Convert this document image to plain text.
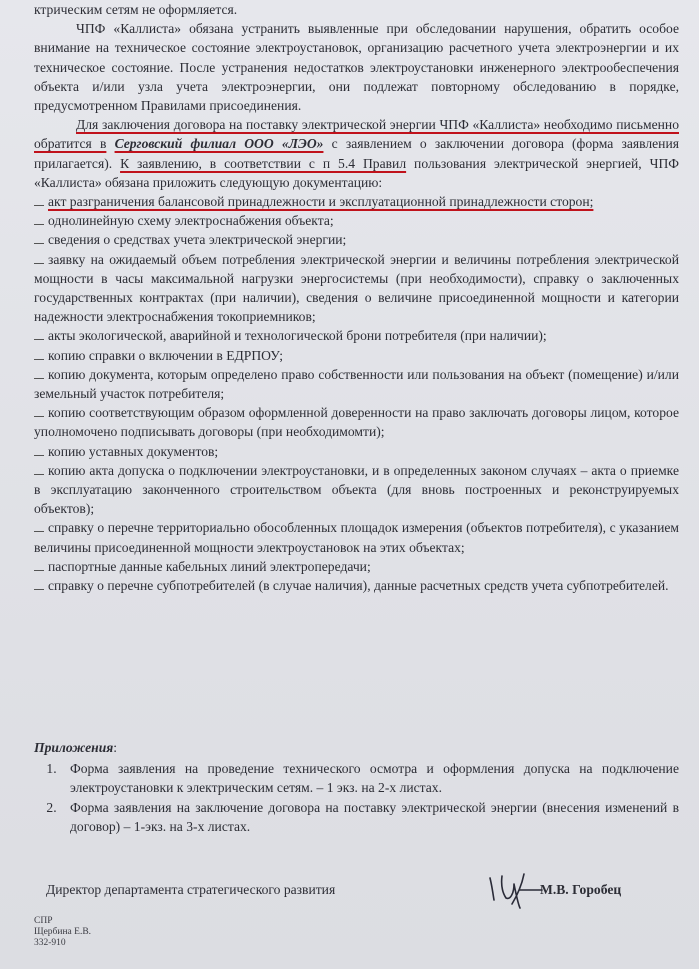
ктрическим сетям не оформляется.

ЧПФ «Каллиста» обязана устранить выявленные при обследовании нарушения, обратить особое внимание на техническое состояние электроустановок, организацию расчетного учета электроэнергии и их техническое состояние. После устранения недостатков электроустановки инженерного электрообеспечения объекта и/или узла учета электроэнергии, они подлежат повторному обследованию в порядке, предусмотренном Правилами присоединения.

Для заключения договора на поставку электрической энергии ЧПФ «Каллиста» необходимо письменно обратится в Серговский филиал ООО «ЛЭО» с заявлением о заключении договора (форма заявления прилагается). К заявлению, в соответствии с п 5.4 Правил пользования электрической энергией, ЧПФ «Каллиста» обязана приложить следующую документацию:

акт разграничения балансовой принадлежности и эксплуатационной принадлежности сторон;
однолинейную схему электроснабжения объекта;
сведения о средствах учета электрической энергии;
заявку на ожидаемый объем потребления электрической энергии и величины потребления электрической мощности в часы максимальной нагрузки энергосистемы (при необходимости), справку о заключенных государственных контрактах (при наличии), сведения о величине присоединенной мощности и категории надежности электроснабжения токоприемников;
акты экологической, аварийной и технологической брони потребителя (при наличии);
копию справки о включении в ЕДРПОУ;
копию документа, которым определено право собственности или пользования на объект (помещение) и/или земельный участок потребителя;
копию соответствующим образом оформленной доверенности на право заключать договоры лицом, которое уполномочено подписывать договоры (при необходимомти);
копию уставных документов;
копию акта допуска о подключении электроустановки, и в определенных законом случаях – акта о приемке в эксплуатацию законченного строительством объекта (для вновь построенных и реконструируемых объектов);
справку о перечне территориально обособленных площадок измерения (объектов потребителя), с указанием величины присоединенной мощности электроустановок на этих объектах;
паспортные данные кабельных линий электропередачи;
справку о перечне субпотребителей (в случае наличия), данные расчетных средств учета субпотребителей.

Приложения:

1. Форма заявления на проведение технического осмотра и оформления допуска на подключение электроустановки к электрическим сетям. – 1 экз. на 2-х листах.
2. Форма заявления на заключение договора на поставку электрической энергии (внесения изменений в договор) – 1-экз. на 3-х листах.
Директор департамента стратегического развития	М.В. Горобец
СПР
Щербина Е.В.
332-910
